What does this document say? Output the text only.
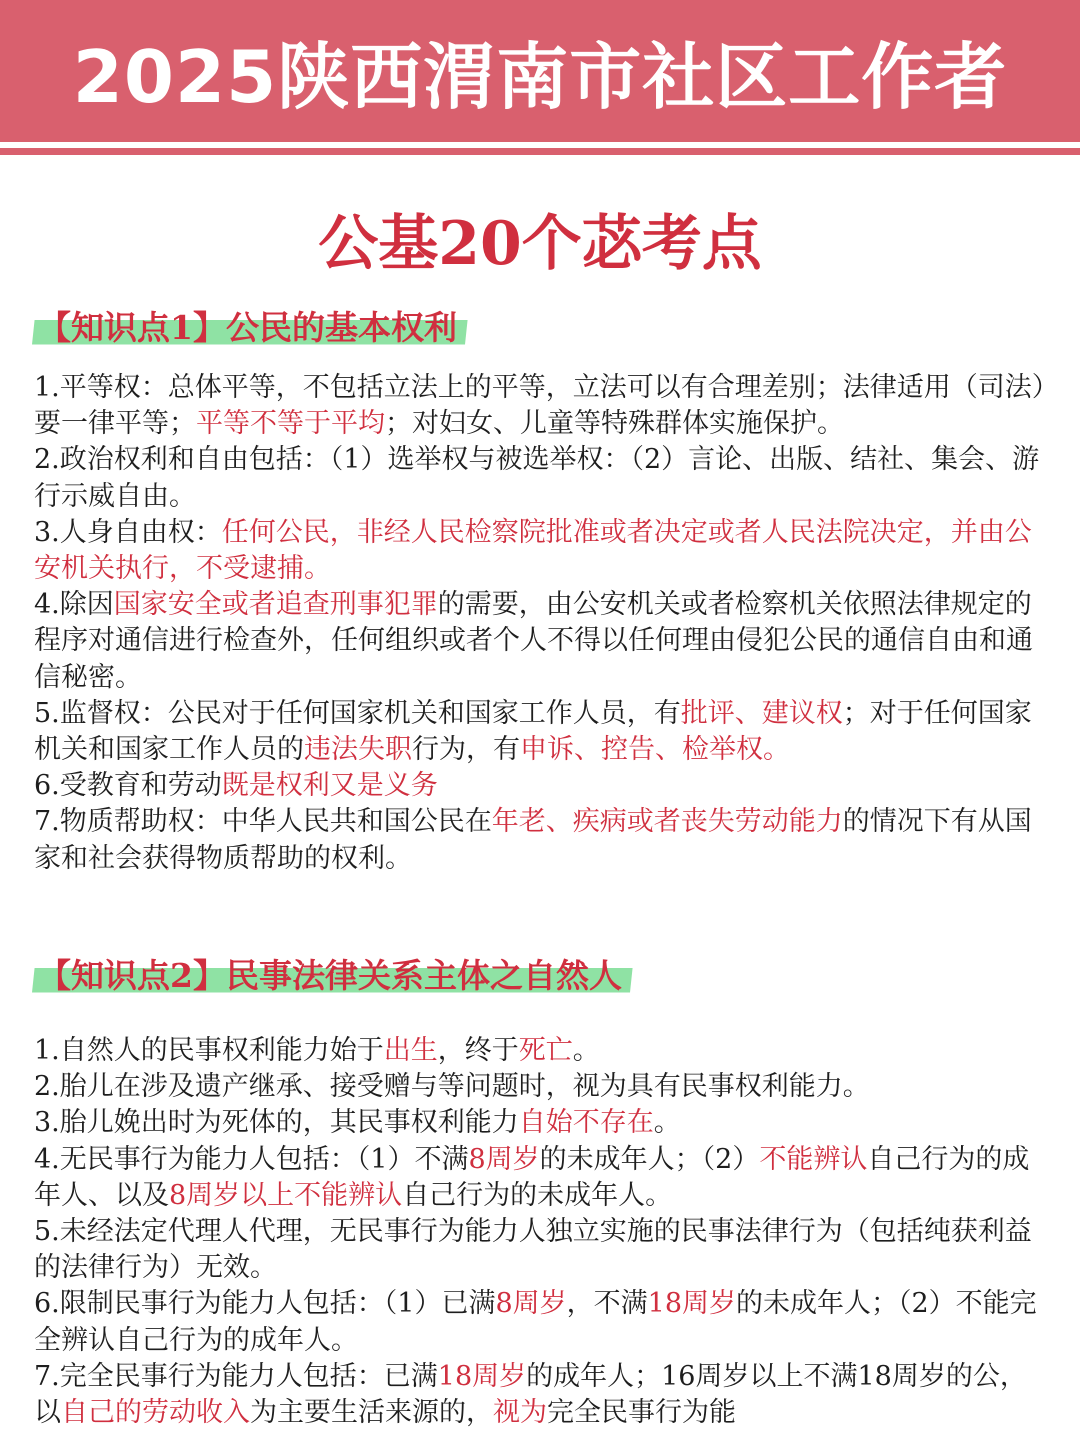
2025陕西渭南市社区工作者
公基20个苾考点
【知识点1】公民的基本权利

1.平等权：总体平等，不包括立法上的平等，立法可以有合理差别；法律适用（司法）要一律平等；平等不等于平均；对妇女、儿童等特殊群体实施保护。

2.政治权利和自由包括：（1）选举权与被选举权：（2）言论、出版、结社、集会、游行示威自由。

3.人身自由权：任何公民，非经人民检察院批准或者决定或者人民法院决定，并由公安机关执行，不受逮捕。

4.除因国家安全或者追查刑事犯罪的需要，由公安机关或者检察机关依照法律规定的程序对通信进行检查外，任何组织或者个人不得以任何理由侵犯公民的通信自由和通信秘密。

5.监督权：公民对于任何国家机关和国家工作人员，有批评、建议权；对于任何国家机关和国家工作人员的违法失职行为，有申诉、控告、检举权。

6.受教育和劳动既是权利又是义务

7.物质帮助权：中华人民共和国公民在年老、疾病或者丧失劳动能力的情况下有从国家和社会获得物质帮助的权利。

【知识点2】民事法律关系主体之自然人

1.自然人的民事权利能力始于出生，终于死亡。

2.胎儿在涉及遗产继承、接受赠与等问题时，视为具有民事权利能力。

3.胎儿娩出时为死体的，其民事权利能力自始不存在。

4.无民事行为能力人包括：（1）不满8周岁的未成年人；（2）不能辨认自己行为的成年人、以及8周岁以上不能辨认自己行为的未成年人。

5.未经法定代理人代理，无民事行为能力人独立实施的民事法律行为（包括纯获利益的法律行为）无效。

6.限制民事行为能力人包括：（1）已满8周岁，不满18周岁的未成年人；（2）不能完全辨认自己行为的成年人。

7.完全民事行为能力人包括：已满18周岁的成年人；16周岁以上不满18周岁的公，以自己的劳动收入为主要生活来源的，视为完全民事行为能
